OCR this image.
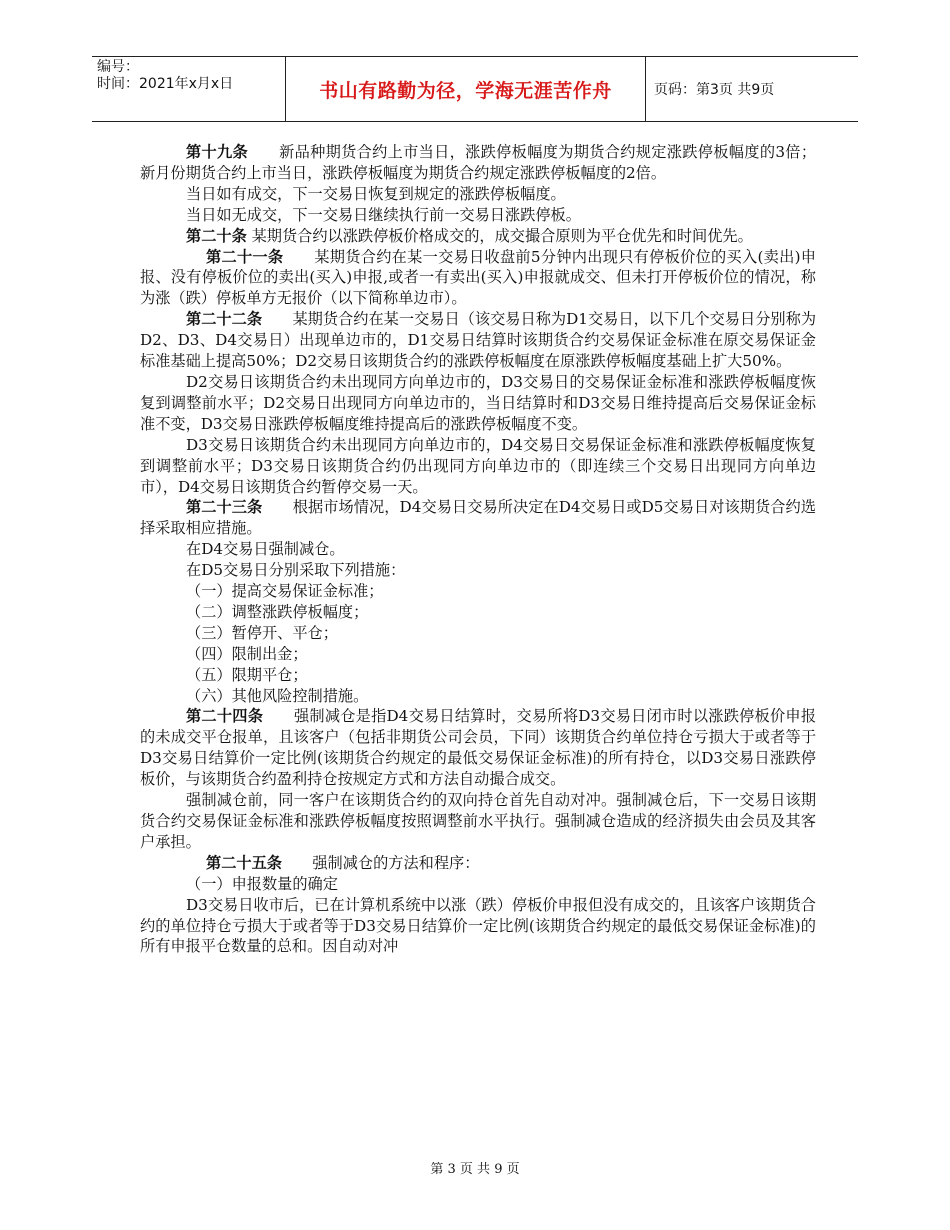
编号：
时间：2021年x月x日	书山有路勤为径，学海无涯苦作舟	页码：第3页 共9页

第十九条　　新品种期货合约上市当日，涨跌停板幅度为期货合约规定涨跌停板幅度的3倍；新月份期货合约上市当日，涨跌停板幅度为期货合约规定涨跌停板幅度的2倍。

当日如有成交，下一交易日恢复到规定的涨跌停板幅度。

当日如无成交，下一交易日继续执行前一交易日涨跌停板。

第二十条 某期货合约以涨跌停板价格成交的，成交撮合原则为平仓优先和时间优先。

第二十一条　　某期货合约在某一交易日收盘前5分钟内出现只有停板价位的买入(卖出)申报、没有停板价位的卖出(买入)申报,或者一有卖出(买入)申报就成交、但未打开停板价位的情况，称为涨（跌）停板单方无报价（以下简称单边市）。

第二十二条　　某期货合约在某一交易日（该交易日称为D1交易日，以下几个交易日分别称为D2、D3、D4交易日）出现单边市的，D1交易日结算时该期货合约交易保证金标准在原交易保证金标准基础上提高50%；D2交易日该期货合约的涨跌停板幅度在原涨跌停板幅度基础上扩大50%。

D2交易日该期货合约未出现同方向单边市的，D3交易日的交易保证金标准和涨跌停板幅度恢复到调整前水平；D2交易日出现同方向单边市的，当日结算时和D3交易日维持提高后交易保证金标准不变，D3交易日涨跌停板幅度维持提高后的涨跌停板幅度不变。

D3交易日该期货合约未出现同方向单边市的，D4交易日交易保证金标准和涨跌停板幅度恢复到调整前水平；D3交易日该期货合约仍出现同方向单边市的（即连续三个交易日出现同方向单边市），D4交易日该期货合约暂停交易一天。

第二十三条　　根据市场情况，D4交易日交易所决定在D4交易日或D5交易日对该期货合约选择采取相应措施。

在D4交易日强制减仓。

在D5交易日分别采取下列措施：

（一）提高交易保证金标准；

（二）调整涨跌停板幅度；

（三）暂停开、平仓；

（四）限制出金；

（五）限期平仓；

（六）其他风险控制措施。

第二十四条　　强制减仓是指D4交易日结算时，交易所将D3交易日闭市时以涨跌停板价申报的未成交平仓报单，且该客户（包括非期货公司会员，下同）该期货合约单位持仓亏损大于或者等于D3交易日结算价一定比例(该期货合约规定的最低交易保证金标准)的所有持仓，以D3交易日涨跌停板价，与该期货合约盈利持仓按规定方式和方法自动撮合成交。

强制减仓前，同一客户在该期货合约的双向持仓首先自动对冲。强制减仓后，下一交易日该期货合约交易保证金标准和涨跌停板幅度按照调整前水平执行。强制减仓造成的经济损失由会员及其客户承担。

第二十五条　　强制减仓的方法和程序：

（一）申报数量的确定

D3交易日收市后，已在计算机系统中以涨（跌）停板价申报但没有成交的，且该客户该期货合约的单位持仓亏损大于或者等于D3交易日结算价一定比例(该期货合约规定的最低交易保证金标准)的所有申报平仓数量的总和。因自动对冲

第 3 页 共 9 页
